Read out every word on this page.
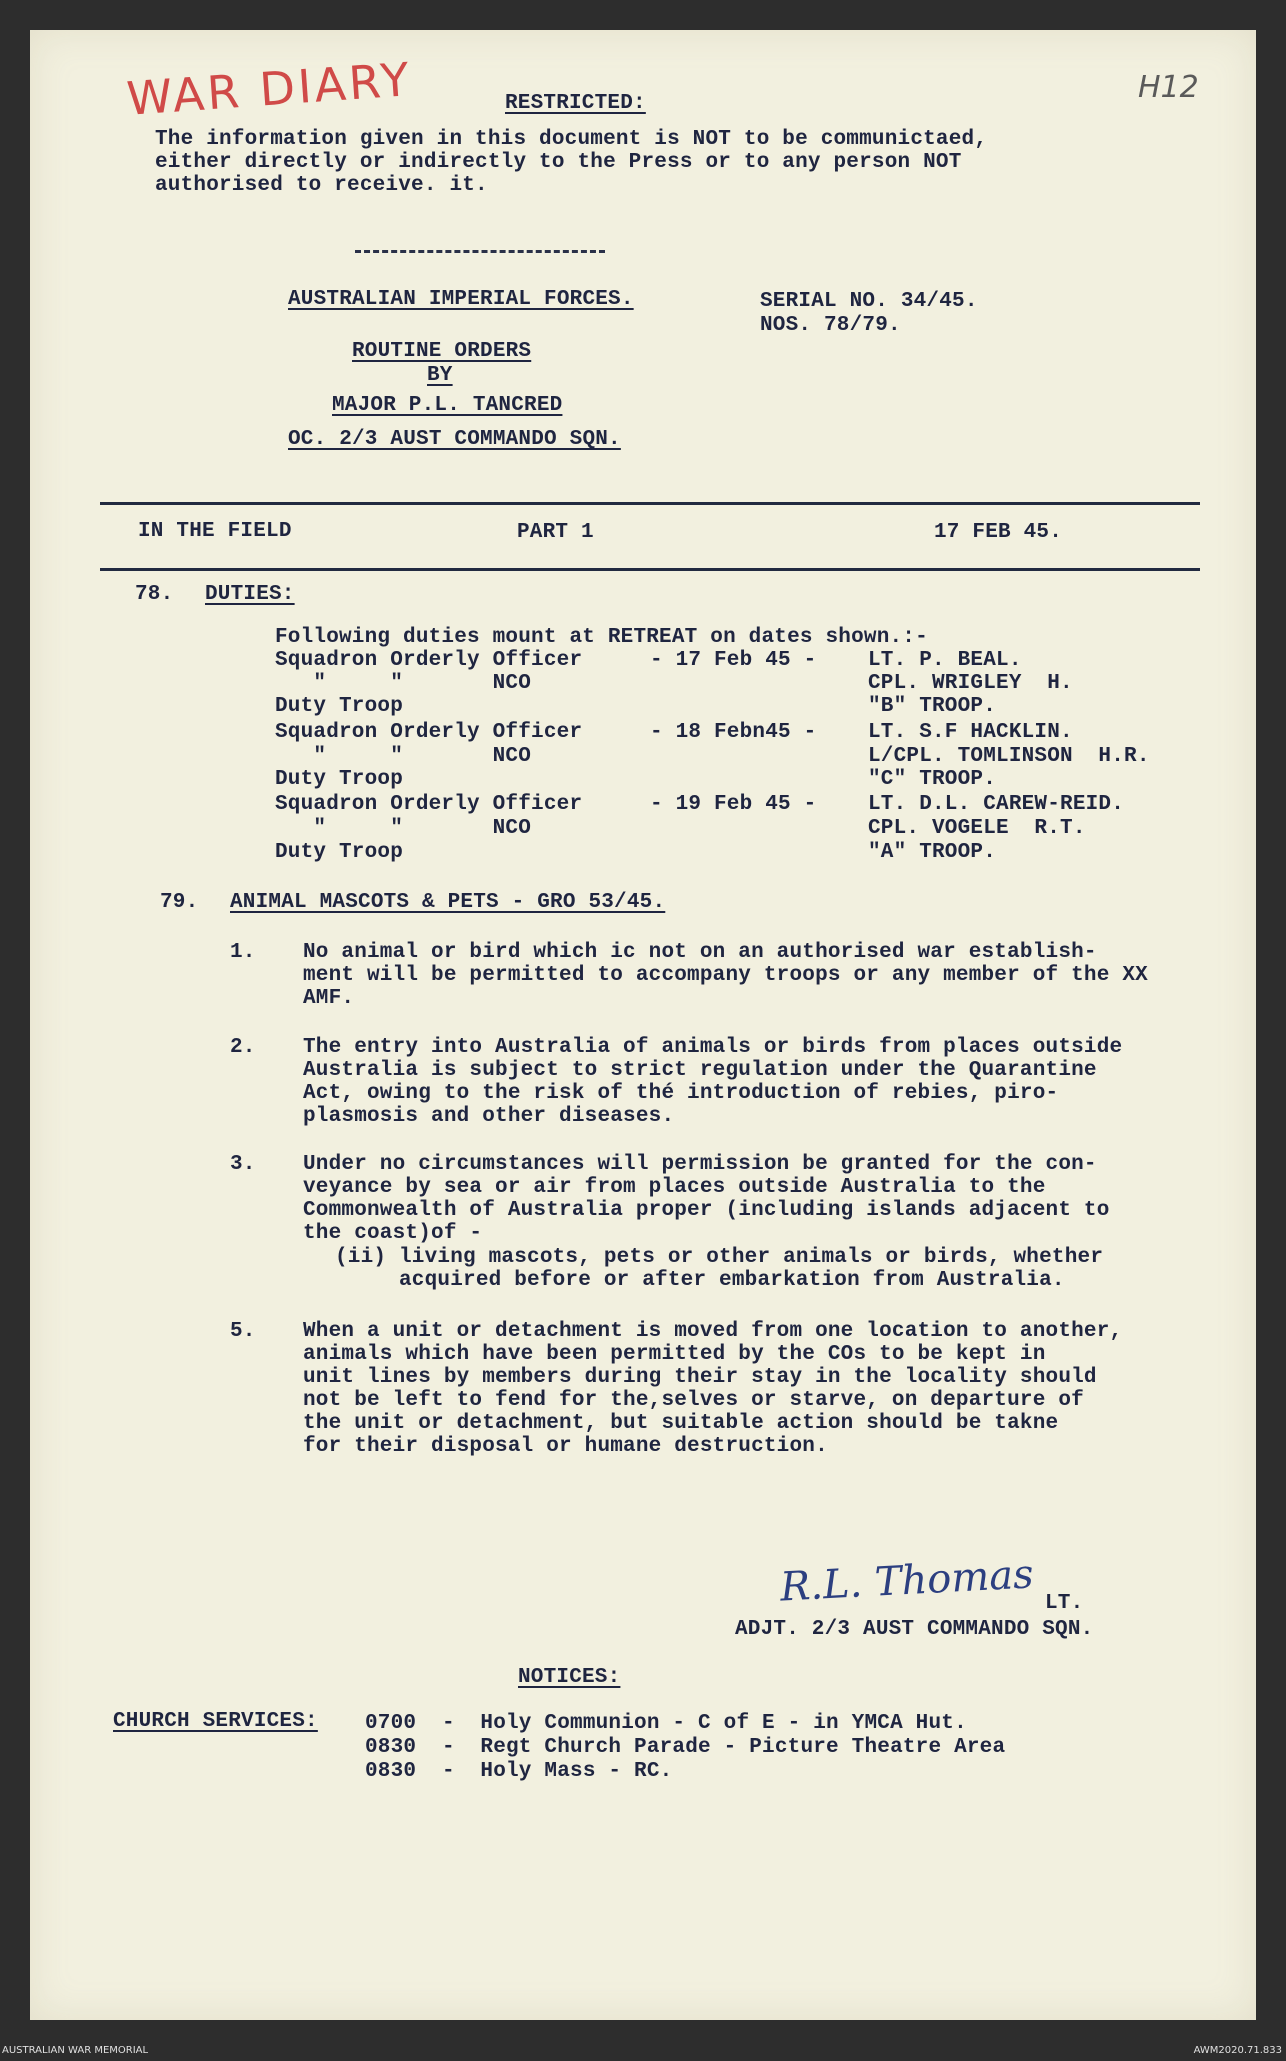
WAR DIARY	H12
RESTRICTED:
The information given in this document is NOT to be communictaed,
either directly or indirectly to the Press or to any person NOT
authorised to receive. it.
AUSTRALIAN IMPERIAL FORCES.	SERIAL NO. 34/45.
NOS. 78/79.
ROUTINE ORDERS
BY
MAJOR P.L. TANCRED
OC. 2/3 AUST COMMANDO SQN.
IN THE FIELD	PART 1	17 FEB 45.
78. DUTIES:
Following duties mount at RETREAT on dates shown.:-
Squadron Orderly Officer	- 17 Feb 45 - LT. P. BEAL.
"     "       NCO	CPL. WRIGLEY  H.
Duty Troop	"B" TROOP.
Squadron Orderly Officer	- 18 Febn45 - LT. S.F HACKLIN.
"     "       NCO	L/CPL. TOMLINSON  H.R.
Duty Troop	"C" TROOP.
Squadron Orderly Officer	- 19 Feb 45 - LT. D.L. CAREW-REID.
"     "       NCO	CPL. VOGELE  R.T.
Duty Troop	"A" TROOP.
79. ANIMAL MASCOTS & PETS - GRO 53/45.
1. No animal or bird which ic not on an authorised war establish-
ment will be permitted to accompany troops or any member of the XX
AMF.
2. The entry into Australia of animals or birds from places outside
Australia is subject to strict regulation under the Quarantine
Act, owing to the risk of thé introduction of rebies, piro-
plasmosis and other diseases.
3. Under no circumstances will permission be granted for the con-
veyance by sea or air from places outside Australia to the
Commonwealth of Australia proper (including islands adjacent to
the coast)of -
(ii) living mascots, pets or other animals or birds, whether
acquired before or after embarkation from Australia.
5. When a unit or detachment is moved from one location to another,
animals which have been permitted by the COs to be kept in
unit lines by members during their stay in the locality should
not be left to fend for the,selves or starve, on departure of
the unit or detachment, but suitable action should be takne
for their disposal or humane destruction.
R.L. Thomas LT.
ADJT. 2/3 AUST COMMANDO SQN.
NOTICES:
CHURCH SERVICES: 0700 -  Holy Communion - C of E - in YMCA Hut.
0830 -  Regt Church Parade - Picture Theatre Area
0830 -  Holy Mass - RC.
AUSTRALIAN WAR MEMORIAL	AWM2020.71.833
